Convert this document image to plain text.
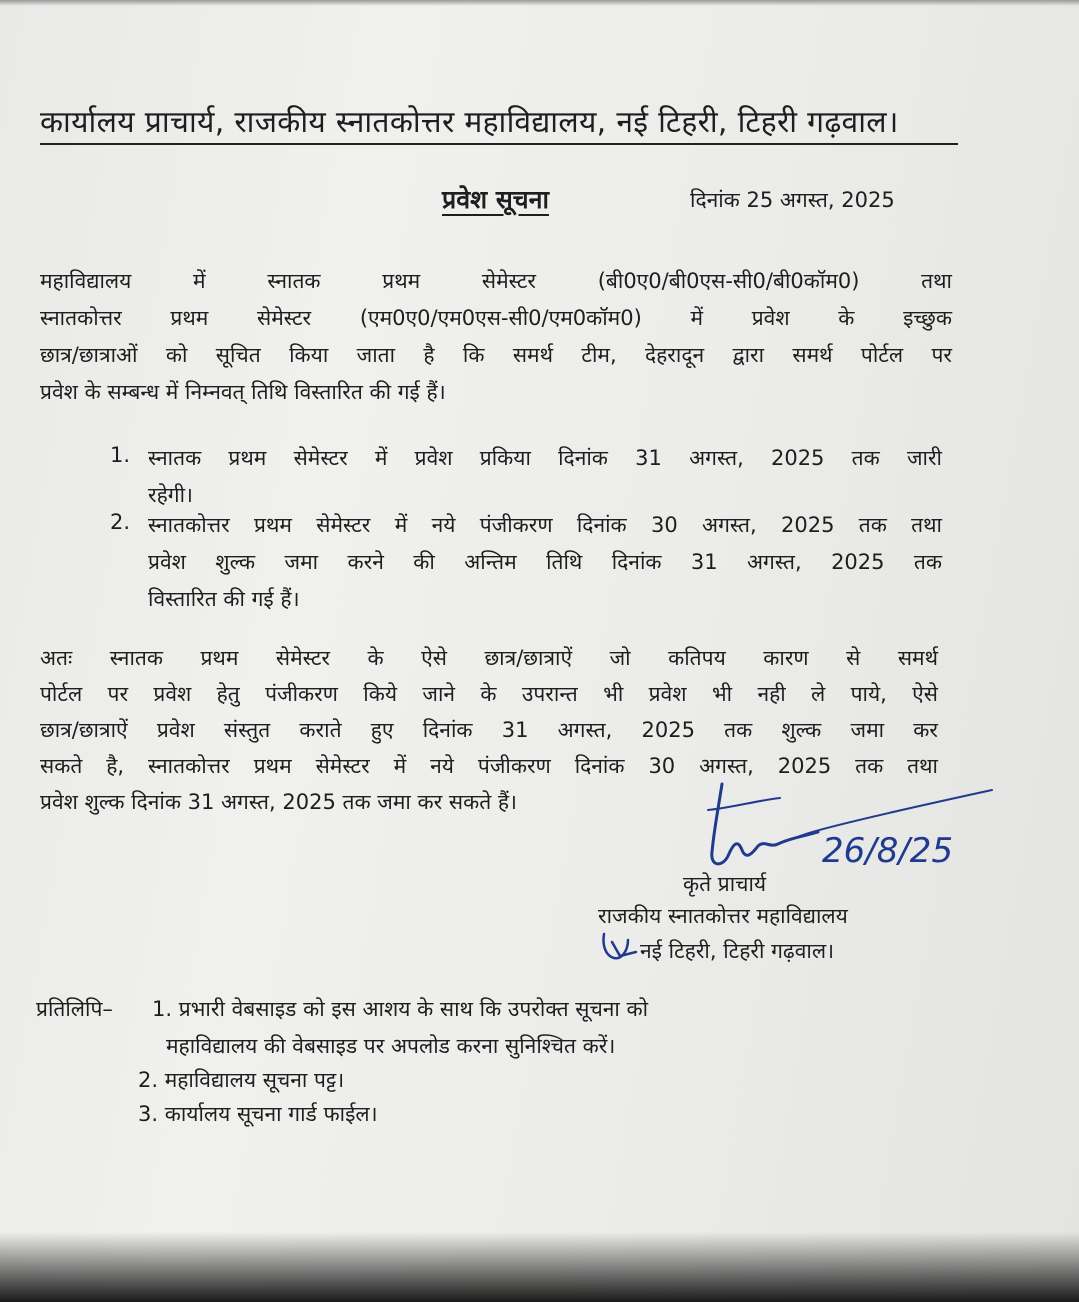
कार्यालय प्राचार्य, राजकीय स्नातकोत्तर महाविद्यालय, नई टिहरी, टिहरी गढ़वाल।
प्रवेश सूचना	दिनांक 25 अगस्त, 2025
महाविद्यालय में स्नातक प्रथम सेमेस्टर (बी0ए0/बी0एस-सी0/बी0कॉम0) तथा
स्नातकोत्तर प्रथम सेमेस्टर (एम0ए0/एम0एस-सी0/एम0कॉम0) में प्रवेश के इच्छुक
छात्र/छात्राओं को सूचित किया जाता है कि समर्थ टीम, देहरादून द्वारा समर्थ पोर्टल पर
प्रवेश के सम्बन्ध में निम्नवत् तिथि विस्तारित की गई हैं।
1. स्नातक प्रथम सेमेस्टर में प्रवेश प्रकिया दिनांक 31 अगस्त, 2025 तक जारी
रहेगी।
2. स्नातकोत्तर प्रथम सेमेस्टर में नये पंजीकरण दिनांक 30 अगस्त, 2025 तक तथा
प्रवेश शुल्क जमा करने की अन्तिम तिथि दिनांक 31 अगस्त, 2025 तक
विस्तारित की गई हैं।
अतः स्नातक प्रथम सेमेस्टर के ऐसे छात्र/छात्राऐं जो कतिपय कारण से समर्थ
पोर्टल पर प्रवेश हेतु पंजीकरण किये जाने के उपरान्त भी प्रवेश भी नही ले पाये, ऐसे
छात्र/छात्राऐं प्रवेश संस्तुत कराते हुए दिनांक 31 अगस्त, 2025 तक शुल्क जमा कर
सकते है, स्नातकोत्तर प्रथम सेमेस्टर में नये पंजीकरण दिनांक 30 अगस्त, 2025 तक तथा
प्रवेश शुल्क दिनांक 31 अगस्त, 2025 तक जमा कर सकते हैं।
26/8/25
कृते प्राचार्य
राजकीय स्नातकोत्तर महाविद्यालय
नई टिहरी, टिहरी गढ़वाल।
प्रतिलिपि– 1. प्रभारी वेबसाइड को इस आशय के साथ कि उपरोक्त सूचना को
महाविद्यालय की वेबसाइड पर अपलोड करना सुनिश्चित करें।
2. महाविद्यालय सूचना पट्ट।
3. कार्यालय सूचना गार्ड फाईल।
